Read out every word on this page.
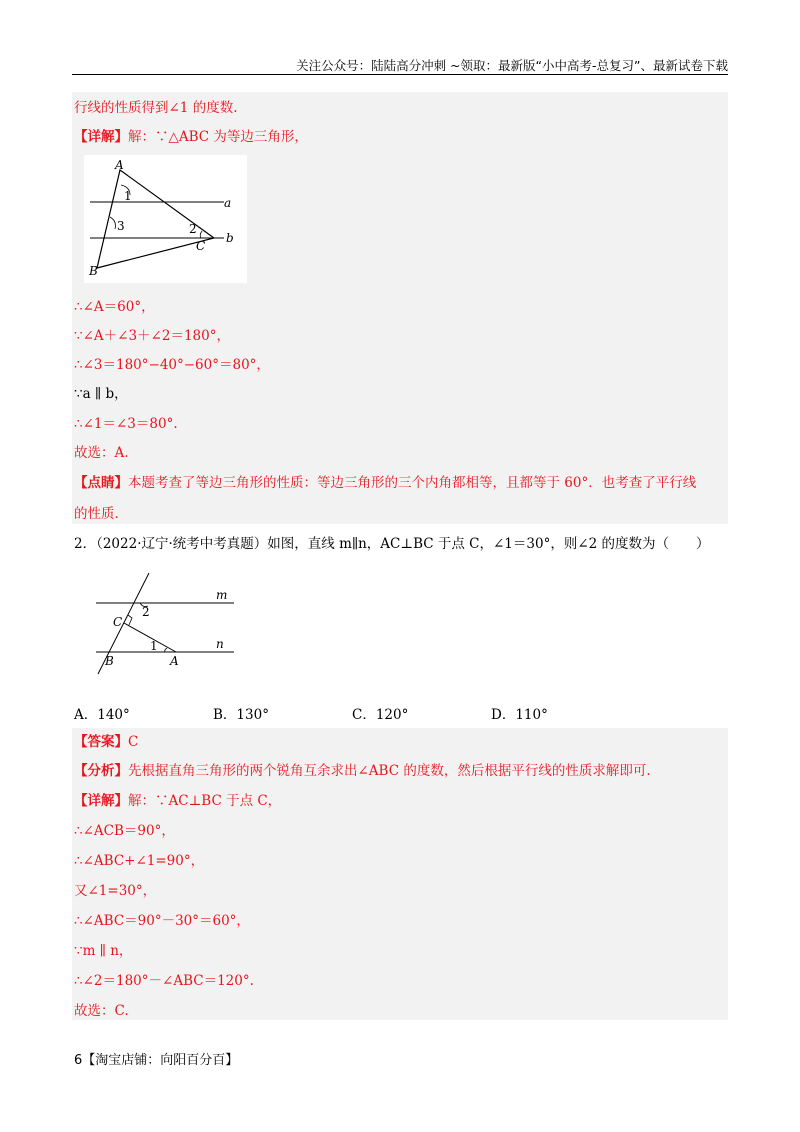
关注公众号：陆陆高分冲刺 ~领取：最新版“小中高考-总复习”、最新试卷下载
行线的性质得到∠1 的度数.
【详解】解：∵△ABC 为等边三角形，
A
B
C
a
b
1
3	2
∴∠A＝60°，
∵∠A＋∠3＋∠2＝180°，
∴∠3＝180°−40°−60°＝80°，
∵a ∥ b，
∴∠1＝∠3＝80°.
故选：A.
【点睛】本题考查了等边三角形的性质：等边三角形的三个内角都相等，且都等于 60°．也考查了平行线
的性质．
2．（2022·辽宁·统考中考真题）如图，直线 m∥n，AC⊥BC 于点 C，∠1＝30°，则∠2 的度数为（　　）
m
n
2
C
1
B	A
A．140°	B．130°	C．120°	D．110°
【答案】C
【分析】先根据直角三角形的两个锐角互余求出∠ABC 的度数，然后根据平行线的性质求解即可.
【详解】解：∵AC⊥BC 于点 C，
∴∠ACB＝90°，
∴∠ABC+∠1=90°，
又∠1=30°，
∴∠ABC＝90°－30°＝60°，
∵m ∥ n，
∴∠2＝180°－∠ABC＝120°.
故选：C.
6【淘宝店铺：向阳百分百】
